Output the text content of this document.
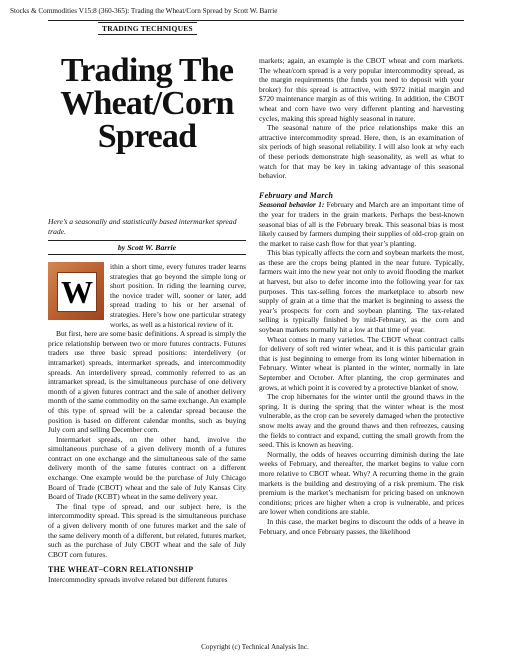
Stocks & Commodities V15:8 (360-365): Trading the Wheat/Corn Spread by Scott W. Barrie
TRADING TECHNIQUES
Trading The Wheat/Corn Spread
Here’s a seasonally and statistically based intermarket spread trade.
by Scott W. Barrie
W

ithin a short time, every futures trader learns strategies that go beyond the simple long or short position. In riding the learning curve, the novice trader will, sooner or later, add spread trading to his or her arsenal of strategies. Here’s how one particular strategy works, as well as a historical review of it.

But first, here are some basic definitions. A spread is simply the price relationship between two or more futures contracts. Futures traders use three basic spread positions: interdelivery (or intramarket) spreads, intermarket spreads, and intercommodity spreads. An interdelivery spread, commonly referred to as an intramarket spread, is the simultaneous purchase of one delivery month of a given futures contract and the sale of another delivery month of the same commodity on the same exchange. An example of this type of spread will be a calendar spread because the position is based on different calendar months, such as buying July corn and selling December corn.

Intermarket spreads, on the other hand, involve the simultaneous purchase of a given delivery month of a futures contract on one exchange and the simultaneous sale of the same delivery month of the same futures contract on a different exchange. One example would be the purchase of July Chicago Board of Trade (CBOT) wheat and the sale of July Kansas City Board of Trade (KCBT) wheat in the same delivery year.

The final type of spread, and our subject here, is the intercommodity spread. This spread is the simultaneous purchase of a given delivery month of one futures market and the sale of the same delivery month of a different, but related, futures market, such as the purchase of July CBOT wheat and the sale of July CBOT corn futures.

THE WHEAT–CORN RELATIONSHIP

Intercommodity spreads involve related but different futures

markets; again, an example is the CBOT wheat and corn markets. The wheat/corn spread is a very popular intercommodity spread, as the margin requirements (the funds you need to deposit with your broker) for this spread is attractive, with $972 initial margin and $720 maintenance margin as of this writing. In addition, the CBOT wheat and corn have two very different planting and harvesting cycles, making this spread highly seasonal in nature.

The seasonal nature of the price relationships make this an attractive intercommodity spread. Here, then, is an examination of six periods of high seasonal reliability. I will also look at why each of these periods demonstrate high seasonality, as well as what to watch for that may be key in taking advantage of this seasonal behavior.

February and March

Seasonal behavior 1: February and March are an important time of the year for traders in the grain markets. Perhaps the best-known seasonal bias of all is the February break. This seasonal bias is most likely caused by farmers dumping their supplies of old-crop grain on the market to raise cash flow for that year’s planting.

This bias typically affects the corn and soybean markets the most, as these are the crops being planted in the near future. Typically, farmers wait into the new year not only to avoid flooding the market at harvest, but also to defer income into the following year for tax purposes. This tax-selling forces the marketplace to absorb new supply of grain at a time that the market is beginning to assess the year’s prospects for corn and soybean planting. The tax-related selling is typically finished by mid-February, as the corn and soybean markets normally hit a low at that time of year.

Wheat comes in many varieties. The CBOT wheat contract calls for delivery of soft red winter wheat, and it is this particular grain that is just beginning to emerge from its long winter hibernation in February. Winter wheat is planted in the winter, normally in late September and October. After planting, the crop germinates and grows, at which point it is covered by a protective blanket of snow.

The crop hibernates for the winter until the ground thaws in the spring. It is during the spring that the winter wheat is the most vulnerable, as the crop can be severely damaged when the protective snow melts away and the ground thaws and then refreezes, causing the fields to contract and expand, cutting the small growth from the seed. This is known as heaving.

Normally, the odds of heaves occurring diminish during the late weeks of February, and thereafter, the market begins to value corn more relative to CBOT wheat. Why? A recurring theme in the grain markets is the building and destroying of a risk premium. The risk premium is the market’s mechanism for pricing based on unknown conditions; prices are higher when a crop is vulnerable, and prices are lower when conditions are stable.

In this case, the market begins to discount the odds of a heave in February, and once February passes, the likelihood

Copyright (c) Technical Analysis Inc.
